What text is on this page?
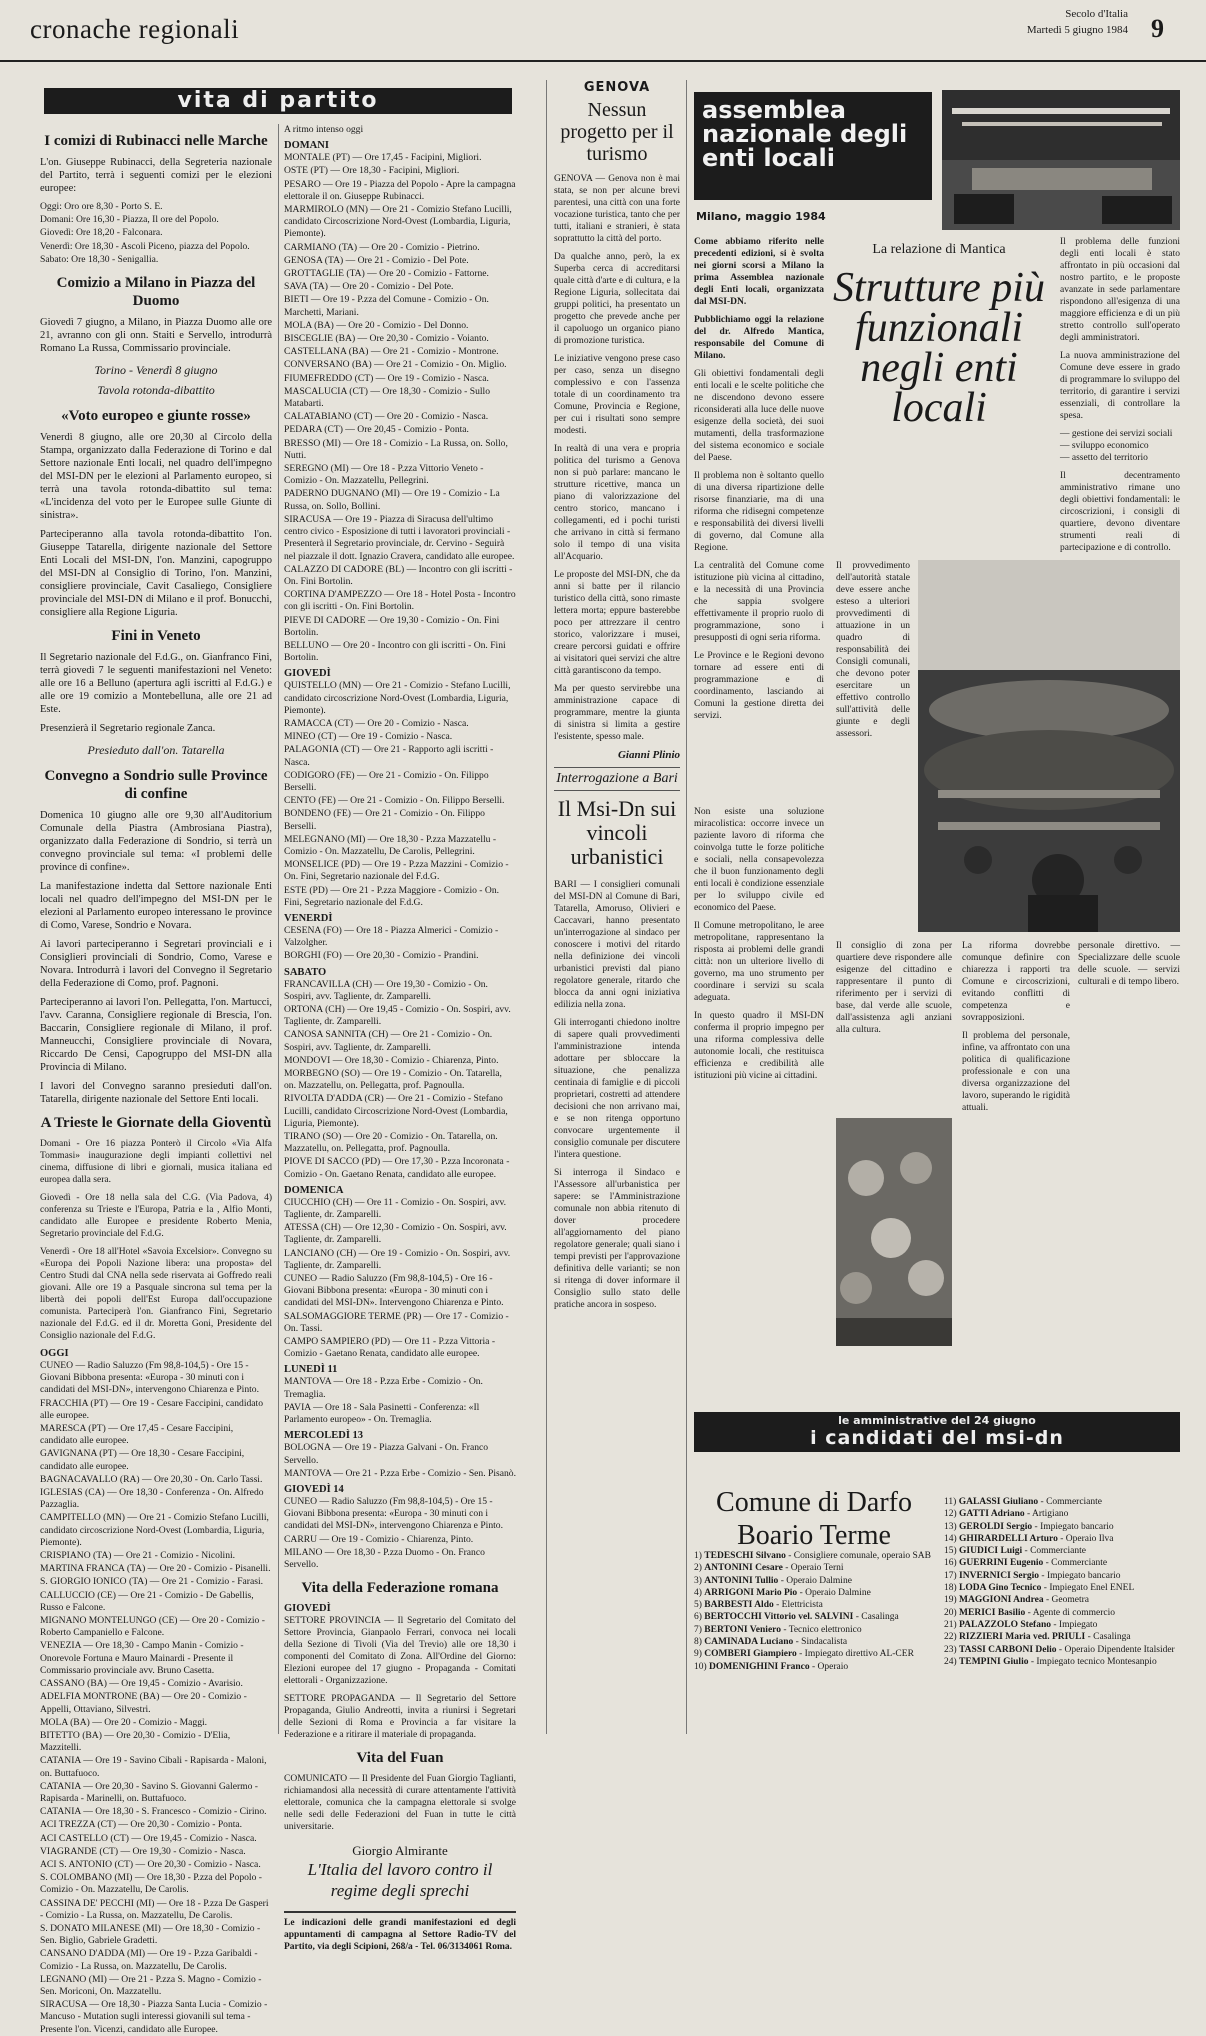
cronache regionali	Secolo d'Italia
Martedì 5 giugno 1984 9
vita di partito
I comizi di Rubinacci nelle Marche

L'on. Giuseppe Rubinacci, della Segreteria nazionale del Partito, terrà i seguenti comizi per le elezioni europee:

Oggi: Oro ore 8,30 - Porto S. E.
Domani: Ore 16,30 - Piazza, Il ore del Popolo.
Giovedì: Ore 18,20 - Falconara.
Venerdì: Ore 18,30 - Ascoli Piceno, piazza del Popolo.
Sabato: Ore 18,30 - Senigallia.
Comizio a Milano in Piazza del Duomo

Giovedì 7 giugno, a Milano, in Piazza Duomo alle ore 21, avranno con gli onn. Staiti e Servello, introdurrà Romano La Russa, Commissario provinciale.

Torino - Venerdì 8 giugno
Tavola rotonda-dibattito
«Voto europeo e giunte rosse»

Venerdì 8 giugno, alle ore 20,30 al Circolo della Stampa, organizzato dalla Federazione di Torino e dal Settore nazionale Enti locali, nel quadro dell'impegno del MSI-DN per le elezioni al Parlamento europeo, si terrà una tavola rotonda-dibattito sul tema: «L'incidenza del voto per le Europee sulle Giunte di sinistra».

Parteciperanno alla tavola rotonda-dibattito l'on. Giuseppe Tatarella, dirigente nazionale del Settore Enti Locali del MSI-DN, l'on. Manzini, capogruppo del MSI-DN al Consiglio di Torino, l'on. Manzini, consigliere provinciale, Cavit Casaliego, Consigliere provinciale del MSI-DN di Milano e il prof. Bonucchi, consigliere alla Regione Liguria.

Fini in Veneto

Il Segretario nazionale del F.d.G., on. Gianfranco Fini, terrà giovedì 7 le seguenti manifestazioni nel Veneto: alle ore 16 a Belluno (apertura agli iscritti al F.d.G.) e alle ore 19 comizio a Montebelluna, alle ore 21 ad Este.

Presenzierà il Segretario regionale Zanca.

Presieduto dall'on. Tatarella
Convegno a Sondrio sulle Province di confine

Domenica 10 giugno alle ore 9,30 all'Auditorium Comunale della Piastra (Ambrosiana Piastra), organizzato dalla Federazione di Sondrio, si terrà un convegno provinciale sul tema: «I problemi delle province di confine».

La manifestazione indetta dal Settore nazionale Enti locali nel quadro dell'impegno del MSI-DN per le elezioni al Parlamento europeo interessano le province di Como, Varese, Sondrio e Novara.

Ai lavori parteciperanno i Segretari provinciali e i Consiglieri provinciali di Sondrio, Como, Varese e Novara. Introdurrà i lavori del Convegno il Segretario della Federazione di Como, prof. Pagnoni.

Parteciperanno ai lavori l'on. Pellegatta, l'on. Martucci, l'avv. Caranna, Consigliere regionale di Brescia, l'on. Baccarin, Consigliere regionale di Milano, il prof. Manneucchi, Consigliere provinciale di Novara, Riccardo De Censi, Capogruppo del MSI-DN alla Provincia di Milano.

I lavori del Convegno saranno presieduti dall'on. Tatarella, dirigente nazionale del Settore Enti locali.

A Trieste le Giornate della Gioventù

Domani - Ore 16 piazza Ponterò il Circolo «Via Alfa Tommasi» inaugurazione degli impianti collettivi nel cinema, diffusione di libri e giornali, musica italiana ed europea dalla sera.

Giovedì - Ore 18 nella sala del C.G. (Via Padova, 4) conferenza su Trieste e l'Europa, Patria e la , Alfio Monti, candidato alle Europee e presidente Roberto Menia, Segretario provinciale del F.d.G.

Venerdì - Ore 18 all'Hotel «Savoia Excelsior». Convegno su «Europa dei Popoli Nazione libera: una proposta» del Centro Studi dal CNA nella sede riservata ai Goffredo reali giovani. Alle ore 19 a Pasquale sincrona sul tema per la libertà dei popoli dell'Est Europa dall'occupazione comunista. Parteciperà l'on. Gianfranco Fini, Segretario nazionale del F.d.G. ed il dr. Moretta Goni, Presidente del Consiglio nazionale del F.d.G.

OGGI
CUNEO — Radio Saluzzo (Fm 98,8-104,5) - Ore 15 - Giovani Bibbona presenta: «Europa - 30 minuti con i candidati del MSI-DN», intervengono Chiarenza e Pinto.
FRACCHIA (PT) — Ore 19 - Cesare Faccipini, candidato alle europee.
MARESCA (PT) — Ore 17,45 - Cesare Faccipini, candidato alle europee.
GAVIGNANA (PT) — Ore 18,30 - Cesare Faccipini, candidato alle europee.
BAGNACAVALLO (RA) — Ore 20,30 - On. Carlo Tassi.
IGLESIAS (CA) — Ore 18,30 - Conferenza - On. Alfredo Pazzaglia.
CAMPITELLO (MN) — Ore 21 - Comizio Stefano Lucilli, candidato circoscrizione Nord-Ovest (Lombardia, Liguria, Piemonte).
CRISPIANO (TA) — Ore 21 - Comizio - Nicolini.
MARTINA FRANCA (TA) — Ore 20 - Comizio - Pisanelli.
S. GIORGIO IONICO (TA) — Ore 21 - Comizio - Farasi.
CALLUCCIO (CE) — Ore 21 - Comizio - De Gabellis, Russo e Falcone.
MIGNANO MONTELUNGO (CE) — Ore 20 - Comizio - Roberto Campaniello e Falcone.
VENEZIA — Ore 18,30 - Campo Manin - Comizio - Onorevole Fortuna e Mauro Mainardi - Presente il Commissario provinciale avv. Bruno Casetta.
CASSANO (BA) — Ore 19,45 - Comizio - Avarisio.
ADELFIA MONTRONE (BA) — Ore 20 - Comizio - Appelli, Ottaviano, Silvestri.
MOLA (BA) — Ore 20 - Comizio - Maggi.
BITETTO (BA) — Ore 20,30 - Comizio - D'Elia, Mazzitelli.
CATANIA — Ore 19 - Savino Cibali - Rapisarda - Maloni, on. Buttafuoco.
CATANIA — Ore 20,30 - Savino S. Giovanni Galermo - Rapisarda - Marinelli, on. Buttafuoco.
CATANIA — Ore 18,30 - S. Francesco - Comizio - Cirino.
ACI TREZZA (CT) — Ore 20,30 - Comizio - Ponta.
ACI CASTELLO (CT) — Ore 19,45 - Comizio - Nasca.
VIAGRANDE (CT) — Ore 19,30 - Comizio - Nasca.
ACI S. ANTONIO (CT) — Ore 20,30 - Comizio - Nasca.
S. COLOMBANO (MI) — Ore 18,30 - P.zza del Popolo - Comizio - On. Mazzatellu, De Carolis.
CASSINA DE' PECCHI (MI) — Ore 18 - P.zza De Gasperi - Comizio - La Russa, on. Mazzatellu, De Carolis.
S. DONATO MILANESE (MI) — Ore 18,30 - Comizio - Sen. Biglio, Gabriele Gradetti.
CANSANO D'ADDA (MI) — Ore 19 - P.zza Garibaldi - Comizio - La Russa, on. Mazzatellu, De Carolis.
LEGNANO (MI) — Ore 21 - P.zza S. Magno - Comizio - Sen. Moriconi, On. Mazzatellu.
SIRACUSA — Ore 18,30 - Piazza Santa Lucia - Comizio - Mancuso - Mutation sugli interessi giovanili sul tema - Presente l'on. Vicenzi, candidato alle Europee.
A ritmo intenso oggi
DOMANI
MONTALE (PT) — Ore 17,45 - Facipini, Migliori.
OSTE (PT) — Ore 18,30 - Facipini, Migliori.
PESARO — Ore 19 - Piazza del Popolo - Apre la campagna elettorale il on. Giuseppe Rubinacci.
MARMIROLO (MN) — Ore 21 - Comizio Stefano Lucilli, candidato Circoscrizione Nord-Ovest (Lombardia, Liguria, Piemonte).
CARMIANO (TA) — Ore 20 - Comizio - Pietrino.
GENOSA (TA) — Ore 21 - Comizio - Del Pote.
GROTTAGLIE (TA) — Ore 20 - Comizio - Fattorne.
SAVA (TA) — Ore 20 - Comizio - Del Pote.
BIETI — Ore 19 - P.zza del Comune - Comizio - On. Marchetti, Mariani.
MOLA (BA) — Ore 20 - Comizio - Del Donno.
BISCEGLIE (BA) — Ore 20,30 - Comizio - Voianto.
CASTELLANA (BA) — Ore 21 - Comizio - Montrone.
CONVERSANO (BA) — Ore 21 - Comizio - On. Miglio.
FIUMEFREDDO (CT) — Ore 19 - Comizio - Nasca.
MASCALUCIA (CT) — Ore 18,30 - Comizio - Sullo Matabarti.
CALATABIANO (CT) — Ore 20 - Comizio - Nasca.
PEDARA (CT) — Ore 20,45 - Comizio - Ponta.
BRESSO (MI) — Ore 18 - Comizio - La Russa, on. Sollo, Nutti.
SEREGNO (MI) — Ore 18 - P.zza Vittorio Veneto - Comizio - On. Mazzatellu, Pellegrini.
PADERNO DUGNANO (MI) — Ore 19 - Comizio - La Russa, on. Sollo, Bollini.
SIRACUSA — Ore 19 - Piazza di Siracusa dell'ultimo centro civico - Esposizione di tutti i lavoratori provinciali - Presenterà il Segretario provinciale, dr. Cervino - Seguirà nel piazzale il dott. Ignazio Cravera, candidato alle europee.
CALAZZO DI CADORE (BL) — Incontro con gli iscritti - On. Fini Bortolin.
CORTINA D'AMPEZZO — Ore 18 - Hotel Posta - Incontro con gli iscritti - On. Fini Bortolin.
PIEVE DI CADORE — Ore 19,30 - Comizio - On. Fini Bortolin.
BELLUNO — Ore 20 - Incontro con gli iscritti - On. Fini Bortolin.
GIOVEDÌ
QUISTELLO (MN) — Ore 21 - Comizio - Stefano Lucilli, candidato circoscrizione Nord-Ovest (Lombardia, Liguria, Piemonte).
RAMACCA (CT) — Ore 20 - Comizio - Nasca.
MINEO (CT) — Ore 19 - Comizio - Nasca.
PALAGONIA (CT) — Ore 21 - Rapporto agli iscritti - Nasca.
CODIGORO (FE) — Ore 21 - Comizio - On. Filippo Berselli.
CENTO (FE) — Ore 21 - Comizio - On. Filippo Berselli.
BONDENO (FE) — Ore 21 - Comizio - On. Filippo Berselli.
MELEGNANO (MI) — Ore 18,30 - P.zza Mazzatellu - Comizio - On. Mazzatellu, De Carolis, Pellegrini.
MONSELICE (PD) — Ore 19 - P.zza Mazzini - Comizio - On. Fini, Segretario nazionale del F.d.G.
ESTE (PD) — Ore 21 - P.zza Maggiore - Comizio - On. Fini, Segretario nazionale del F.d.G.
VENERDÌ
CESENA (FO) — Ore 18 - Piazza Almerici - Comizio - Valzolgher.
BORGHI (FO) — Ore 20,30 - Comizio - Prandini.
SABATO
FRANCAVILLA (CH) — Ore 19,30 - Comizio - On. Sospiri, avv. Tagliente, dr. Zamparelli.
ORTONA (CH) — Ore 19,45 - Comizio - On. Sospiri, avv. Tagliente, dr. Zamparelli.
CANOSA SANNITA (CH) — Ore 21 - Comizio - On. Sospiri, avv. Tagliente, dr. Zamparelli.
MONDOVI — Ore 18,30 - Comizio - Chiarenza, Pinto.
MORBEGNO (SO) — Ore 19 - Comizio - On. Tatarella, on. Mazzatellu, on. Pellegatta, prof. Pagnoulla.
RIVOLTA D'ADDA (CR) — Ore 21 - Comizio - Stefano Lucilli, candidato Circoscrizione Nord-Ovest (Lombardia, Liguria, Piemonte).
TIRANO (SO) — Ore 20 - Comizio - On. Tatarella, on. Mazzatellu, on. Pellegatta, prof. Pagnoulla.
PIOVE DI SACCO (PD) — Ore 17,30 - P.zza Incoronata - Comizio - On. Gaetano Renata, candidato alle europee.
DOMENICA
CIUCCHIO (CH) — Ore 11 - Comizio - On. Sospiri, avv. Tagliente, dr. Zamparelli.
ATESSA (CH) — Ore 12,30 - Comizio - On. Sospiri, avv. Tagliente, dr. Zamparelli.
LANCIANO (CH) — Ore 19 - Comizio - On. Sospiri, avv. Tagliente, dr. Zamparelli.
CUNEO — Radio Saluzzo (Fm 98,8-104,5) - Ore 16 - Giovani Bibbona presenta: «Europa - 30 minuti con i candidati del MSI-DN». Intervengono Chiarenza e Pinto.
SALSOMAGGIORE TERME (PR) — Ore 17 - Comizio - On. Tassi.
CAMPO SAMPIERO (PD) — Ore 11 - P.zza Vittoria - Comizio - Gaetano Renata, candidato alle europee.
LUNEDÌ 11
MANTOVA — Ore 18 - P.zza Erbe - Comizio - On. Tremaglia.
PAVIA — Ore 18 - Sala Pasinetti - Conferenza: «Il Parlamento europeo» - On. Tremaglia.
MERCOLEDÌ 13
BOLOGNA — Ore 19 - Piazza Galvani - On. Franco Servello.
MANTOVA — Ore 21 - P.zza Erbe - Comizio - Sen. Pisanò.
GIOVEDÌ 14
CUNEO — Radio Saluzzo (Fm 98,8-104,5) - Ore 15 - Giovani Bibbona presenta: «Europa - 30 minuti con i candidati del MSI-DN», intervengono Chiarenza e Pinto.
CARRU — Ore 19 - Comizio - Chiarenza, Pinto.
MILANO — Ore 18,30 - P.zza Duomo - On. Franco Servello.
Vita della Federazione romana
GIOVEDÌ

SETTORE PROVINCIA — Il Segretario del Comitato del Settore Provincia, Gianpaolo Ferrari, convoca nei locali della Sezione di Tivoli (Via del Trevio) alle ore 18,30 i componenti del Comitato di Zona. All'Ordine del Giorno: Elezioni europee del 17 giugno - Propaganda - Comitati elettorali - Organizzazione.

SETTORE PROPAGANDA — Il Segretario del Settore Propaganda, Giulio Andreotti, invita a riunirsi i Segretari delle Sezioni di Roma e Provincia a far visitare la Federazione e a ritirare il materiale di propaganda.

Vita del Fuan

COMUNICATO — Il Presidente del Fuan Giorgio Taglianti, richiamandosi alla necessità di curare attentamente l'attività elettorale, comunica che la campagna elettorale si svolge nelle sedi delle Federazioni del Fuan in tutte le città universitarie.

Giorgio Almirante
L'Italia del lavoro contro il regime degli sprechi
Le indicazioni delle grandi manifestazioni ed degli appuntamenti di campagna al Settore Radio-TV del Partito, via degli Scipioni, 268/a - Tel. 06/3134061 Roma.
GENOVA
Nessun progetto per il turismo

GENOVA — Genova non è mai stata, se non per alcune brevi parentesi, una città con una forte vocazione turistica, tanto che per tutti, italiani e stranieri, è stata soprattutto la città del porto.

Da qualche anno, però, la ex Superba cerca di accreditarsi quale città d'arte e di cultura, e la Regione Liguria, sollecitata dai gruppi politici, ha presentato un progetto che prevede anche per il capoluogo un organico piano di promozione turistica.

Le iniziative vengono prese caso per caso, senza un disegno complessivo e con l'assenza totale di un coordinamento tra Comune, Provincia e Regione, per cui i risultati sono sempre modesti.

In realtà di una vera e propria politica del turismo a Genova non si può parlare: mancano le strutture ricettive, manca un piano di valorizzazione del centro storico, mancano i collegamenti, ed i pochi turisti che arrivano in città si fermano solo il tempo di una visita all'Acquario.

Le proposte del MSI-DN, che da anni si batte per il rilancio turistico della città, sono rimaste lettera morta; eppure basterebbe poco per attrezzare il centro storico, valorizzare i musei, creare percorsi guidati e offrire ai visitatori quei servizi che altre città garantiscono da tempo.

Ma per questo servirebbe una amministrazione capace di programmare, mentre la giunta di sinistra si limita a gestire l'esistente, spesso male.

Gianni Plinio
Interrogazione a Bari
Il Msi-Dn sui vincoli urbanistici

BARI — I consiglieri comunali del MSI-DN al Comune di Bari, Tatarella, Amoruso, Olivieri e Caccavari, hanno presentato un'interrogazione al sindaco per conoscere i motivi del ritardo nella definizione dei vincoli urbanistici previsti dal piano regolatore generale, ritardo che blocca da anni ogni iniziativa edilizia nella zona.

Gli interroganti chiedono inoltre di sapere quali provvedimenti l'amministrazione intenda adottare per sbloccare la situazione, che penalizza centinaia di famiglie e di piccoli proprietari, costretti ad attendere decisioni che non arrivano mai, e se non ritenga opportuno convocare urgentemente il consiglio comunale per discutere l'intera questione.

Si interroga il Sindaco e l'Assessore all'urbanistica per sapere: se l'Amministrazione comunale non abbia ritenuto di dover procedere all'aggiornamento del piano regolatore generale; quali siano i tempi previsti per l'approvazione definitiva delle varianti; se non si ritenga di dover informare il Consiglio sullo stato delle pratiche ancora in sospeso.

assemblea nazionale degli enti locali
Milano, maggio 1984

Come abbiamo riferito nelle precedenti edizioni, si è svolta nei giorni scorsi a Milano la prima Assemblea nazionale degli Enti locali, organizzata dal MSI-DN.

Pubblichiamo oggi la relazione del dr. Alfredo Mantica, responsabile del Comune di Milano.

Gli obiettivi fondamentali degli enti locali e le scelte politiche che ne discendono devono essere riconsiderati alla luce delle nuove esigenze della società, dei suoi mutamenti, della trasformazione del sistema economico e sociale del Paese.

Il problema non è soltanto quello di una diversa ripartizione delle risorse finanziarie, ma di una riforma che ridisegni competenze e responsabilità dei diversi livelli di governo, dal Comune alla Regione.

La centralità del Comune come istituzione più vicina al cittadino, e la necessità di una Provincia che sappia svolgere effettivamente il proprio ruolo di programmazione, sono i presupposti di ogni seria riforma.

Le Province e le Regioni devono tornare ad essere enti di programmazione e di coordinamento, lasciando ai Comuni la gestione diretta dei servizi.

La relazione di Mantica
Strutture più funzionali negli enti locali

Il problema delle funzioni degli enti locali è stato affrontato in più occasioni dal nostro partito, e le proposte avanzate in sede parlamentare rispondono all'esigenza di una maggiore efficienza e di un più stretto controllo sull'operato degli amministratori.

La nuova amministrazione del Comune deve essere in grado di programmare lo sviluppo del territorio, di garantire i servizi essenziali, di controllare la spesa.

— gestione dei servizi sociali

— sviluppo economico

— assetto del territorio

Il decentramento amministrativo rimane uno degli obiettivi fondamentali: le circoscrizioni, i consigli di quartiere, devono diventare strumenti reali di partecipazione e di controllo.

Il provvedimento dell'autorità statale deve essere anche esteso a ulteriori provvedimenti di attuazione in un quadro di responsabilità dei Consigli comunali, che devono poter esercitare un effettivo controllo sull'attività delle giunte e degli assessori.

Non esiste una soluzione miracolistica: occorre invece un paziente lavoro di riforma che coinvolga tutte le forze politiche e sociali, nella consapevolezza che il buon funzionamento degli enti locali è condizione essenziale per lo sviluppo civile ed economico del Paese.

Il Comune metropolitano, le aree metropolitane, rappresentano la risposta ai problemi delle grandi città: non un ulteriore livello di governo, ma uno strumento per coordinare i servizi su scala adeguata.

In questo quadro il MSI-DN conferma il proprio impegno per una riforma complessiva delle autonomie locali, che restituisca efficienza e credibilità alle istituzioni più vicine ai cittadini.

Il consiglio di zona per quartiere deve rispondere alle esigenze del cittadino e rappresentare il punto di riferimento per i servizi di base, dal verde alle scuole, dall'assistenza agli anziani alla cultura.

La riforma dovrebbe comunque definire con chiarezza i rapporti tra Comune e circoscrizioni, evitando conflitti di competenza e sovrapposizioni.

Il problema del personale, infine, va affrontato con una politica di qualificazione professionale e con una diversa organizzazione del lavoro, superando le rigidità attuali.

personale direttivo. — Specializzare delle scuole delle scuole. — servizi culturali e di tempo libero.

le amministrative del 24 giugno
i candidati del msi-dn
Comune di Darfo Boario Terme
1) TEDESCHI Silvano - Consigliere comunale, operaio SAB
2) ANTONINI Cesare - Operaio Terni
3) ANTONINI Tullio - Operaio Dalmine
4) ARRIGONI Mario Pio - Operaio Dalmine
5) BARBESTI Aldo - Elettricista
6) BERTOCCHI Vittorio vel. SALVINI - Casalinga
7) BERTONI Veniero - Tecnico elettronico
8) CAMINADA Luciano - Sindacalista
9) COMBERI Giampiero - Impiegato direttivo AL-CER
10) DOMENIGHINI Franco - Operaio
11) GALASSI Giuliano - Commerciante
12) GATTI Adriano - Artigiano
13) GEROLDI Sergio - Impiegato bancario
14) GHIRARDELLI Arturo - Operaio Ilva
15) GIUDICI Luigi - Commerciante
16) GUERRINI Eugenio - Commerciante
17) INVERNICI Sergio - Impiegato bancario
18) LODA Gino Tecnico - Impiegato Enel ENEL
19) MAGGIONI Andrea - Geometra
20) MERICI Basilio - Agente di commercio
21) PALAZZOLO Stefano - Impiegato
22) RIZZIERI Maria ved. PRIULI - Casalinga
23) TASSI CARBONI Delio - Operaio Dipendente Italsider
24) TEMPINI Giulio - Impiegato tecnico Montesanpio
